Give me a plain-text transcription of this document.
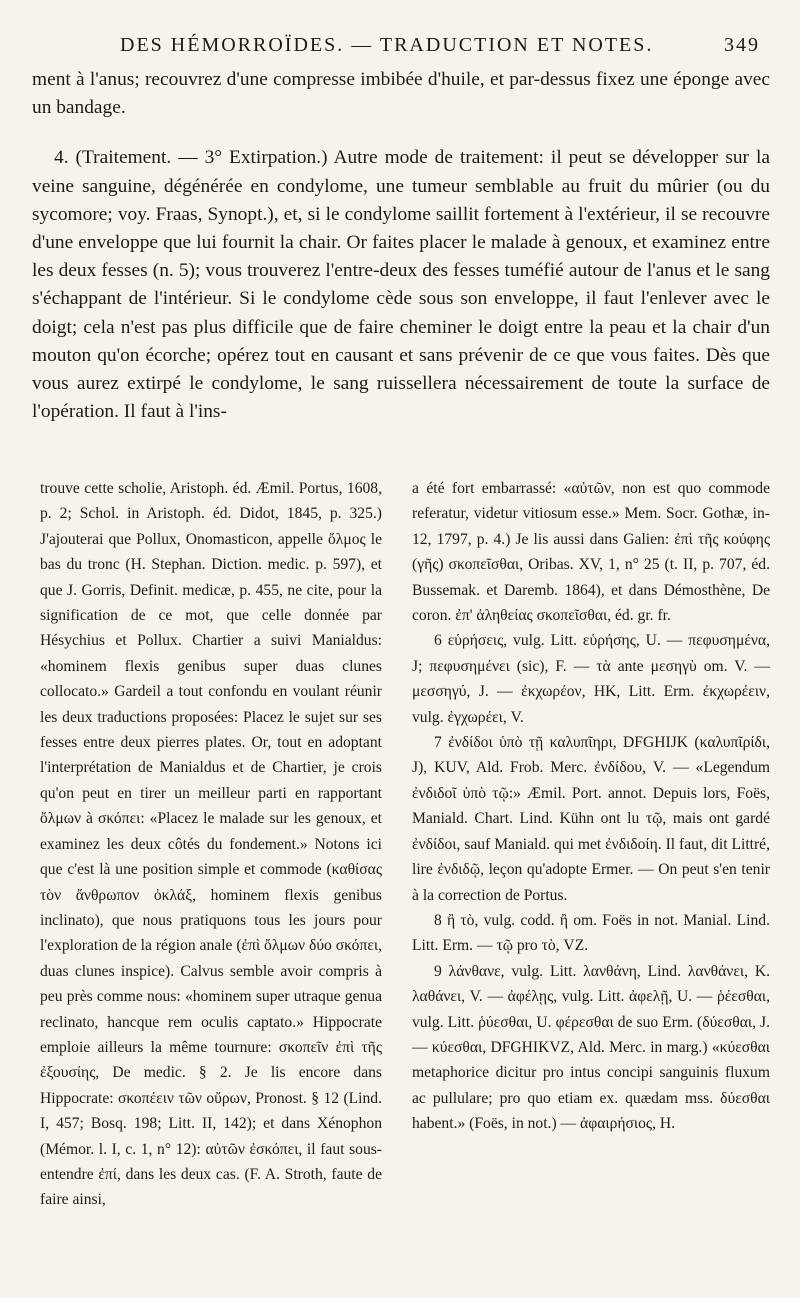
DES HÉMORROÏDES. — TRADUCTION ET NOTES.	349

ment à l'anus; recouvrez d'une compresse imbibée d'huile, et par-dessus fixez une éponge avec un bandage.

4. (Traitement. — 3° Extirpation.) Autre mode de traitement: il peut se développer sur la veine sanguine, dégénérée en condylome, une tumeur semblable au fruit du mûrier (ou du sycomore; voy. Fraas, Synopt.), et, si le condylome saillit fortement à l'extérieur, il se recouvre d'une enveloppe que lui fournit la chair. Or faites placer le malade à genoux, et examinez entre les deux fesses (n. 5); vous trouverez l'entre-deux des fesses tuméfié autour de l'anus et le sang s'échappant de l'intérieur. Si le condylome cède sous son enveloppe, il faut l'enlever avec le doigt; cela n'est pas plus difficile que de faire cheminer le doigt entre la peau et la chair d'un mouton qu'on écorche; opérez tout en causant et sans prévenir de ce que vous faites. Dès que vous aurez extirpé le condylome, le sang ruissellera nécessairement de toute la surface de l'opération. Il faut à l'ins-

trouve cette scholie, Aristoph. éd. Æmil. Portus, 1608, p. 2; Schol. in Aristoph. éd. Didot, 1845, p. 325.) J'ajouterai que Pollux, Onomasticon, appelle ὄλμος le bas du tronc (H. Stephan. Diction. medic. p. 597), et que J. Gorris, Definit. medicæ, p. 455, ne cite, pour la signification de ce mot, que celle donnée par Hésychius et Pollux. Chartier a suivi Manialdus: «hominem flexis genibus super duas clunes collocato.» Gardeil a tout confondu en voulant réunir les deux traductions proposées: Placez le sujet sur ses fesses entre deux pierres plates. Or, tout en adoptant l'interprétation de Manialdus et de Chartier, je crois qu'on peut en tirer un meilleur parti en rapportant ὄλμων à σκόπει: «Placez le malade sur les genoux, et examinez les deux côtés du fondement.» Notons ici que c'est là une position simple et commode (καθίσας τὸν ἄνθρωπον ὀκλάξ, hominem flexis genibus inclinato), que nous pratiquons tous les jours pour l'exploration de la région anale (ἐπὶ ὄλμων δύο σκόπει, duas clunes inspice). Calvus semble avoir compris à peu près comme nous: «hominem super utraque genua reclinato, hancque rem oculis captato.» Hippocrate emploie ailleurs la même tournure: σκοπεῖν ἐπὶ τῆς ἐξουσίης, De medic. § 2. Je lis encore dans Hippocrate: σκοπέειν τῶν οὔρων, Pronost. § 12 (Lind. I, 457; Bosq. 198; Litt. II, 142); et dans Xénophon (Mémor. l. I, c. 1, n° 12): αὐτῶν ἐσκόπει, il faut sous-entendre ἐπί, dans les deux cas. (F. A. Stroth, faute de faire ainsi,

a été fort embarrassé: «αὐτῶν, non est quo commode referatur, videtur vitiosum esse.» Mem. Socr. Gothæ, in-12, 1797, p. 4.) Je lis aussi dans Galien: ἐπὶ τῆς κούφης (γῆς) σκοπεῖσθαι, Oribas. XV, 1, n° 25 (t. II, p. 707, éd. Bussemak. et Daremb. 1864), et dans Démosthène, De coron. ἐπ' ἀληθείας σκοπεῖσθαι, éd. gr. fr.

6 εὑρήσεις, vulg. Litt. εὑρήσης, U. — πεφυσημένα, J; πεφυσημένει (sic), F. — τὰ ante μεσηγὺ om. V. — μεσσηγύ, J. — ἐκχωρέον, HK, Litt. Erm. ἐκχωρέειν, vulg. ἐγχωρέει, V.

7 ἐνδίδοι ὑπὸ τῇ καλυπῖηρι, DFGHIJK (καλυπῖρίδι, J), KUV, Ald. Frob. Merc. ἐνδίδου, V. — «Legendum ἐνδιδοῖ ὑπὸ τῷ:» Æmil. Port. annot. Depuis lors, Foës, Maniald. Chart. Lind. Kühn ont lu τῷ, mais ont gardé ἐνδίδοι, sauf Maniald. qui met ἐνδιδοίη. Il faut, dit Littré, lire ἐνδιδῷ, leçon qu'adopte Ermer. — On peut s'en tenir à la correction de Portus.

8 ἢ τὸ, vulg. codd. ἢ om. Foës in not. Manial. Lind. Litt. Erm. — τῷ pro τὸ, VZ.

9 λάνθανε, vulg. Litt. λανθάνη, Lind. λανθάνει, K. λαθάνει, V. — ἀφέλῃς, vulg. Litt. ἀφελῇ, U. — ῥέεσθαι, vulg. Litt. ῥύεσθαι, U. φέρεσθαι de suo Erm. (δύεσθαι, J. — κύεσθαι, DFGHIKVZ, Ald. Merc. in marg.) «κύεσθαι metaphorice dicitur pro intus concipi sanguinis fluxum ac pullulare; pro quo etiam ex. quædam mss. δύεσθαι habent.» (Foës, in not.) — ἀφαιρήσιος, H.
